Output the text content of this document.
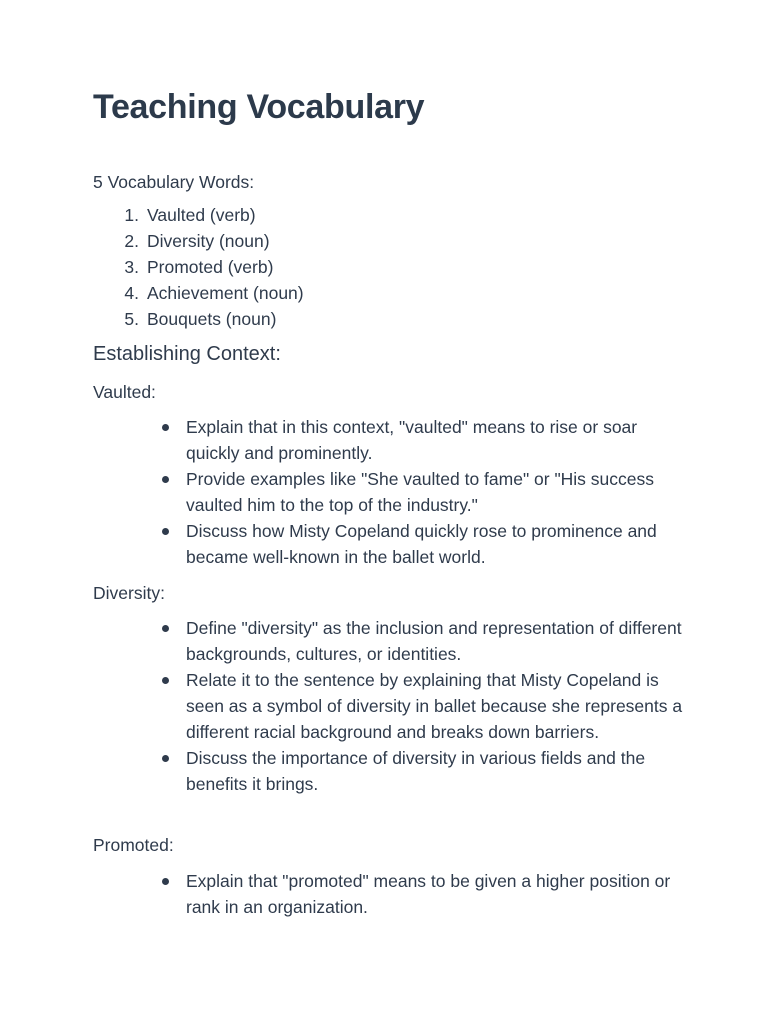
Teaching Vocabulary

5 Vocabulary Words:

1 . Vaulted (verb)
2 . Diversity (noun)
3 . Promoted (verb)
4 . Achievement (noun)
5 . Bouquets (noun)
Establishing Context:

Vaulted:

Explain that in this context, "vaulted" means to rise or soar quickly and prominently.
Provide examples like "She vaulted to fame" or "His success vaulted him to the top of the industry."
Discuss how Misty Copeland quickly rose to prominence and became well-known in the ballet world.

Diversity:

Define "diversity" as the inclusion and representation of different backgrounds, cultures, or identities.
Relate it to the sentence by explaining that Misty Copeland is seen as a symbol of diversity in ballet because she represents a different racial background and breaks down barriers.
Discuss the importance of diversity in various fields and the benefits it brings.

Promoted:

Explain that "promoted" means to be given a higher position or rank in an organization.
